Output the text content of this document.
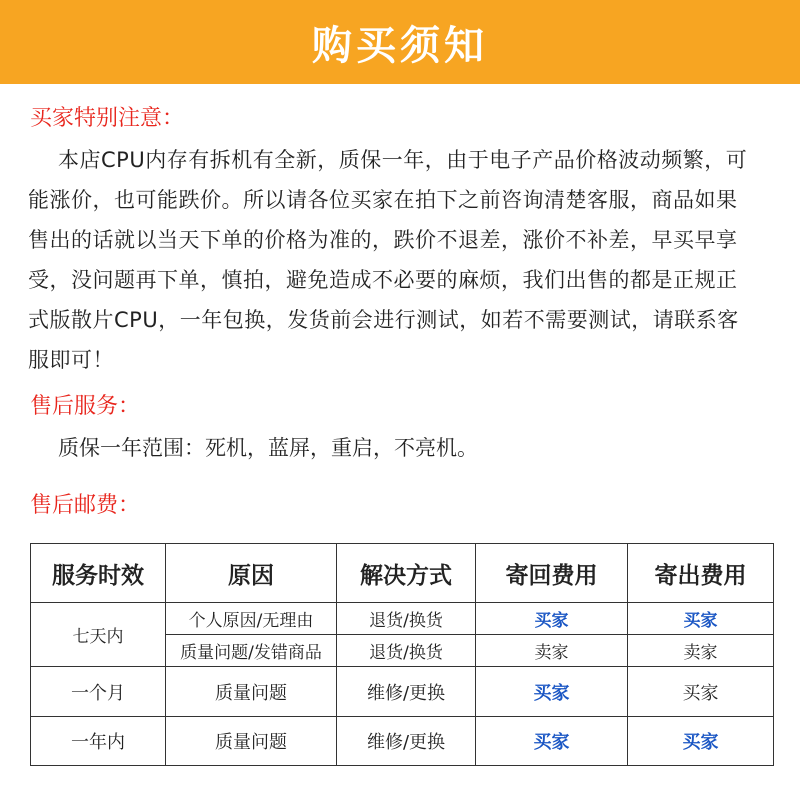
购买须知
买家特别注意：
本店CPU内存有拆机有全新，质保一年，由于电子产品价格波动频繁，可能涨价，也可能跌价。所以请各位买家在拍下之前咨询清楚客服，商品如果售出的话就以当天下单的价格为准的，跌价不退差，涨价不补差，早买早享受，没问题再下单，慎拍，避免造成不必要的麻烦，我们出售的都是正规正式版散片CPU，一年包换，发货前会进行测试，如若不需要测试，请联系客服即可！
售后服务：
质保一年范围：死机，蓝屏，重启，不亮机。
售后邮费：
服务时效	原因	解决方式	寄回费用	寄出费用
七天内	个人原因/无理由	退货/换货	买家	买家
	质量问题/发错商品	退货/换货	卖家	卖家
一个月	质量问题	维修/更换	买家	买家
一年内	质量问题	维修/更换	买家	买家
